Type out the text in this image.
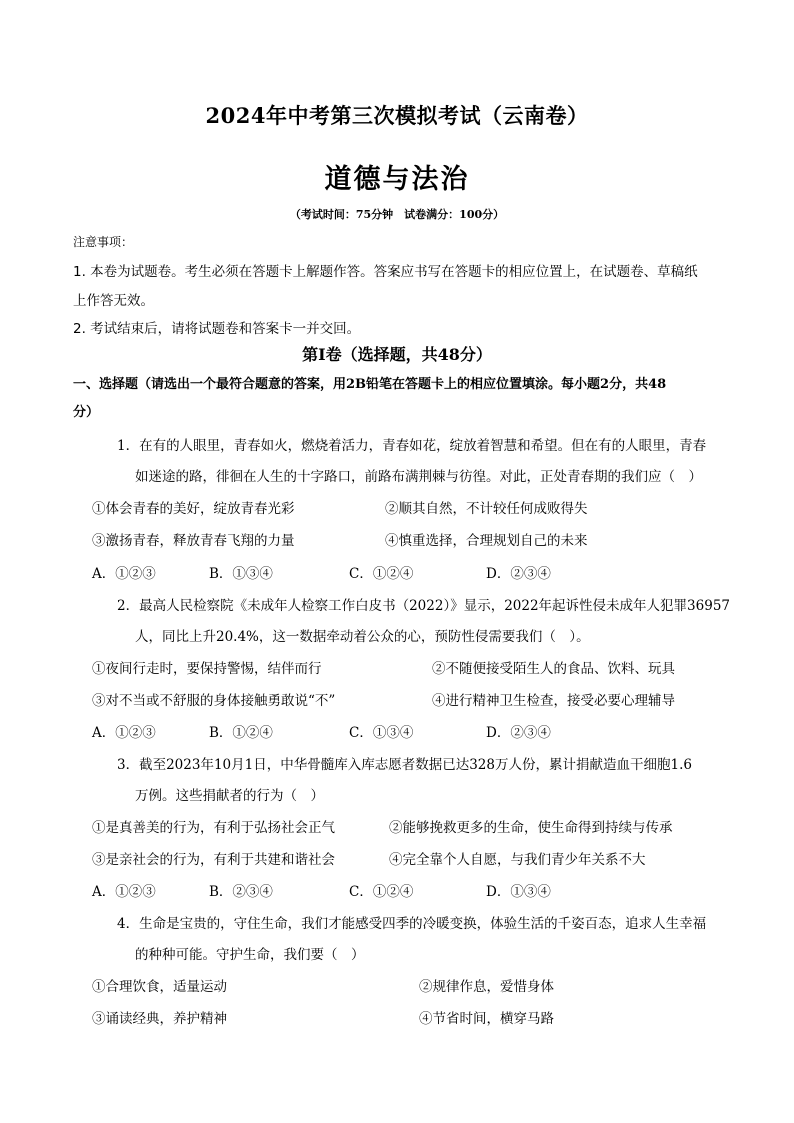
2024年中考第三次模拟考试（云南卷）
道德与法治
（考试时间：75分钟　试卷满分：100分）
注意事项：
1. 本卷为试题卷。考生必须在答题卡上解题作答。答案应书写在答题卡的相应位置上，在试题卷、草稿纸
上作答无效。
2. 考试结束后，请将试题卷和答案卡一并交回。
第Ⅰ卷（选择题，共48分）
一、选择题（请选出一个最符合题意的答案，用2B铅笔在答题卡上的相应位置填涂。每小题2分，共48
分）
1．在有的人眼里，青春如火，燃烧着活力，青春如花，绽放着智慧和希望。但在有的人眼里，青春
如迷途的路，徘徊在人生的十字路口，前路布满荆棘与彷徨。对此，正处青春期的我们应（　）
①体会青春的美好，绽放青春光彩	②顺其自然，不计较任何成败得失
③激扬青春，释放青春飞翔的力量	④慎重选择，合理规划自己的未来
A．①②③	B．①③④	C．①②④	D．②③④
2．最高人民检察院《未成年人检察工作白皮书（2022）》显示，2022年起诉性侵未成年人犯罪36957
人，同比上升20.4%，这一数据牵动着公众的心，预防性侵需要我们（　）。
①夜间行走时，要保持警惕，结伴而行	②不随便接受陌生人的食品、饮料、玩具
③对不当或不舒服的身体接触勇敢说“不”	④进行精神卫生检查，接受必要心理辅导
A．①②③	B．①②④	C．①③④	D．②③④
3．截至2023年10月1日，中华骨髓库入库志愿者数据已达328万人份，累计捐献造血干细胞1.6
万例。这些捐献者的行为（　）
①是真善美的行为，有利于弘扬社会正气	②能够挽救更多的生命，使生命得到持续与传承
③是亲社会的行为，有利于共建和谐社会	④完全靠个人自愿，与我们青少年关系不大
A．①②③	B．②③④	C．①②④	D．①③④
4．生命是宝贵的，守住生命，我们才能感受四季的冷暖变换，体验生活的千姿百态，追求人生幸福
的种种可能。守护生命，我们要（　）
①合理饮食，适量运动	②规律作息，爱惜身体
③诵读经典，养护精神	④节省时间，横穿马路
